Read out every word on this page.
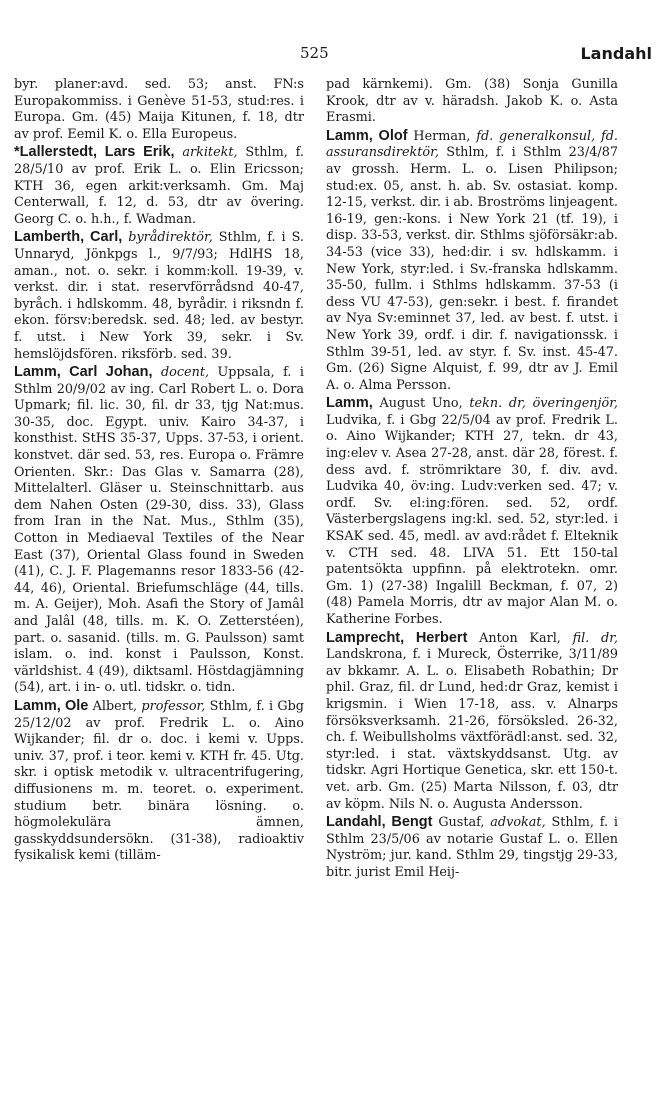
525	Landahl

byr. planer:avd. sed. 53; anst. FN:s Europakommiss. i Genève 51-53, stud:res. i Europa. Gm. (45) Maija Kitunen, f. 18, dtr av prof. Eemil K. o. Ella Europeus.

*Lallerstedt, Lars Erik, arkitekt, Sthlm, f. 28/5/10 av prof. Erik L. o. Elin Ericsson; KTH 36, egen arkit:verksamh. Gm. Maj Centerwall, f. 12, d. 53, dtr av övering. Georg C. o. h.h., f. Wadman.

Lamberth, Carl, byrådirektör, Sthlm, f. i S. Unnaryd, Jönkpgs l., 9/7/93; HdlHS 18, aman., not. o. sekr. i komm:koll. 19-39, v. verkst. dir. i stat. reservförrådsnd 40-47, byråch. i hdlskomm. 48, byrådir. i riksndn f. ekon. försv:beredsk. sed. 48; led. av bestyr. f. utst. i New York 39, sekr. i Sv. hemslöjdsfören. riksförb. sed. 39.

Lamm, Carl Johan, docent, Uppsala, f. i Sthlm 20/9/02 av ing. Carl Robert L. o. Dora Upmark; fil. lic. 30, fil. dr 33, tjg Nat:mus. 30-35, doc. Egypt. univ. Kairo 34-37, i konsthist. StHS 35-37, Upps. 37-53, i orient. konstvet. där sed. 53, res. Europa o. Främre Orienten. Skr.: Das Glas v. Samarra (28), Mittelalterl. Gläser u. Steinschnittarb. aus dem Nahen Osten (29-30, diss. 33), Glass from Iran in the Nat. Mus., Sthlm (35), Cotton in Mediaeval Textiles of the Near East (37), Oriental Glass found in Sweden (41), C. J. F. Plagemanns resor 1833-56 (42-44, 46), Oriental. Briefumschläge (44, tills. m. A. Geijer), Moh. Asafi the Story of Jamâl and Jalâl (48, tills. m. K. O. Zetterstéen), part. o. sasanid. (tills. m. G. Paulsson) samt islam. o. ind. konst i Paulsson, Konst. världshist. 4 (49), diktsaml. Höstdagjämning (54), art. i in- o. utl. tidskr. o. tidn.

Lamm, Ole Albert, professor, Sthlm, f. i Gbg 25/12/02 av prof. Fredrik L. o. Aino Wijkander; fil. dr o. doc. i kemi v. Upps. univ. 37, prof. i teor. kemi v. KTH fr. 45. Utg. skr. i optisk metodik v. ultracentrifugering, diffusionens m. m. teoret. o. experiment. studium betr. binära lösning. o. högmolekulära ämnen, gasskyddsundersökn. (31-38), radioaktiv fysikalisk kemi (tilläm-

pad kärnkemi). Gm. (38) Sonja Gunilla Krook, dtr av v. häradsh. Jakob K. o. Asta Erasmi.

Lamm, Olof Herman, fd. generalkonsul, fd. assuransdirektör, Sthlm, f. i Sthlm 23/4/87 av grossh. Herm. L. o. Lisen Philipson; stud:ex. 05, anst. h. ab. Sv. ostasiat. komp. 12-15, verkst. dir. i ab. Broströms linjeagent. 16-19, gen:-kons. i New York 21 (tf. 19), i disp. 33-53, verkst. dir. Sthlms sjöförsäkr:ab. 34-53 (vice 33), hed:dir. i sv. hdlskamm. i New York, styr:led. i Sv.-franska hdlskamm. 35-50, fullm. i Sthlms hdlskamm. 37-53 (i dess VU 47-53), gen:sekr. i best. f. firandet av Nya Sv:eminnet 37, led. av best. f. utst. i New York 39, ordf. i dir. f. navigationssk. i Sthlm 39-51, led. av styr. f. Sv. inst. 45-47. Gm. (26) Signe Alquist, f. 99, dtr av J. Emil A. o. Alma Persson.

Lamm, August Uno, tekn. dr, överingenjör, Ludvika, f. i Gbg 22/5/04 av prof. Fredrik L. o. Aino Wijkander; KTH 27, tekn. dr 43, ing:elev v. Asea 27-28, anst. där 28, förest. f. dess avd. f. strömriktare 30, f. div. avd. Ludvika 40, öv:ing. Ludv:verken sed. 47; v. ordf. Sv. el:ing:fören. sed. 52, ordf. Västerbergslagens ing:kl. sed. 52, styr:led. i KSAK sed. 45, medl. av avd:rådet f. Elteknik v. CTH sed. 48. LIVA 51. Ett 150-tal patentsökta uppfinn. på elektrotekn. omr. Gm. 1) (27-38) Ingalill Beckman, f. 07, 2) (48) Pamela Morris, dtr av major Alan M. o. Katherine Forbes.

Lamprecht, Herbert Anton Karl, fil. dr, Landskrona, f. i Mureck, Österrike, 3/11/89 av bkkamr. A. L. o. Elisabeth Robathin; Dr phil. Graz, fil. dr Lund, hed:dr Graz, kemist i krigsmin. i Wien 17-18, ass. v. Alnarps försöksverksamh. 21-26, försöksled. 26-32, ch. f. Weibullsholms växtförädl:anst. sed. 32, styr:led. i stat. växtskyddsanst. Utg. av tidskr. Agri Hortique Genetica, skr. ett 150-t. vet. arb. Gm. (25) Marta Nilsson, f. 03, dtr av köpm. Nils N. o. Augusta Andersson.

Landahl, Bengt Gustaf, advokat, Sthlm, f. i Sthlm 23/5/06 av notarie Gustaf L. o. Ellen Nyström; jur. kand. Sthlm 29, tingstjg 29-33, bitr. jurist Emil Heij-
